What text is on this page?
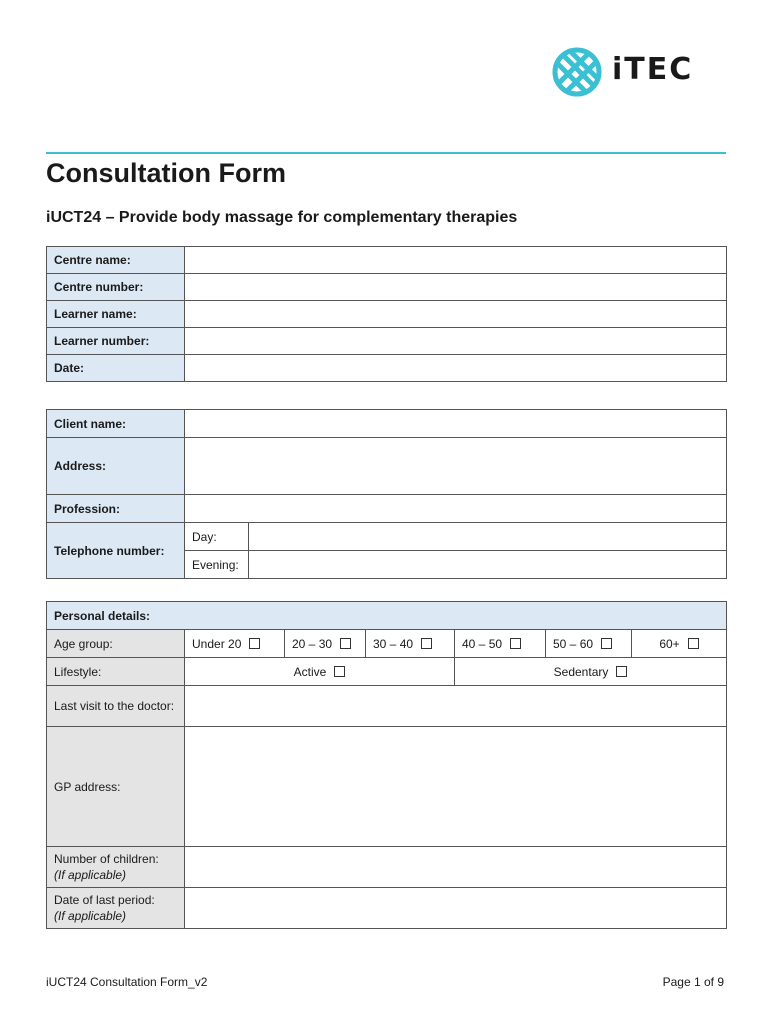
iTEC
Consultation Form
iUCT24 – Provide body massage for complementary therapies
Centre name:	
Centre number:	
Learner name:	
Learner number:	
Date:	
Client name:		
Address:		
Profession:		
Telephone number:	Day:	
	Evening:	
Personal details:						
Age group:	Under 20	20 – 30	30 – 40	40 – 50	50 – 60	60+
Lifestyle:	Active			Sedentary		
Last visit to the doctor:						
GP address:						
Number of children:
(If applicable)						
Date of last period:
(If applicable)						
iUCT24 Consultation Form_v2	Page 1 of 9
